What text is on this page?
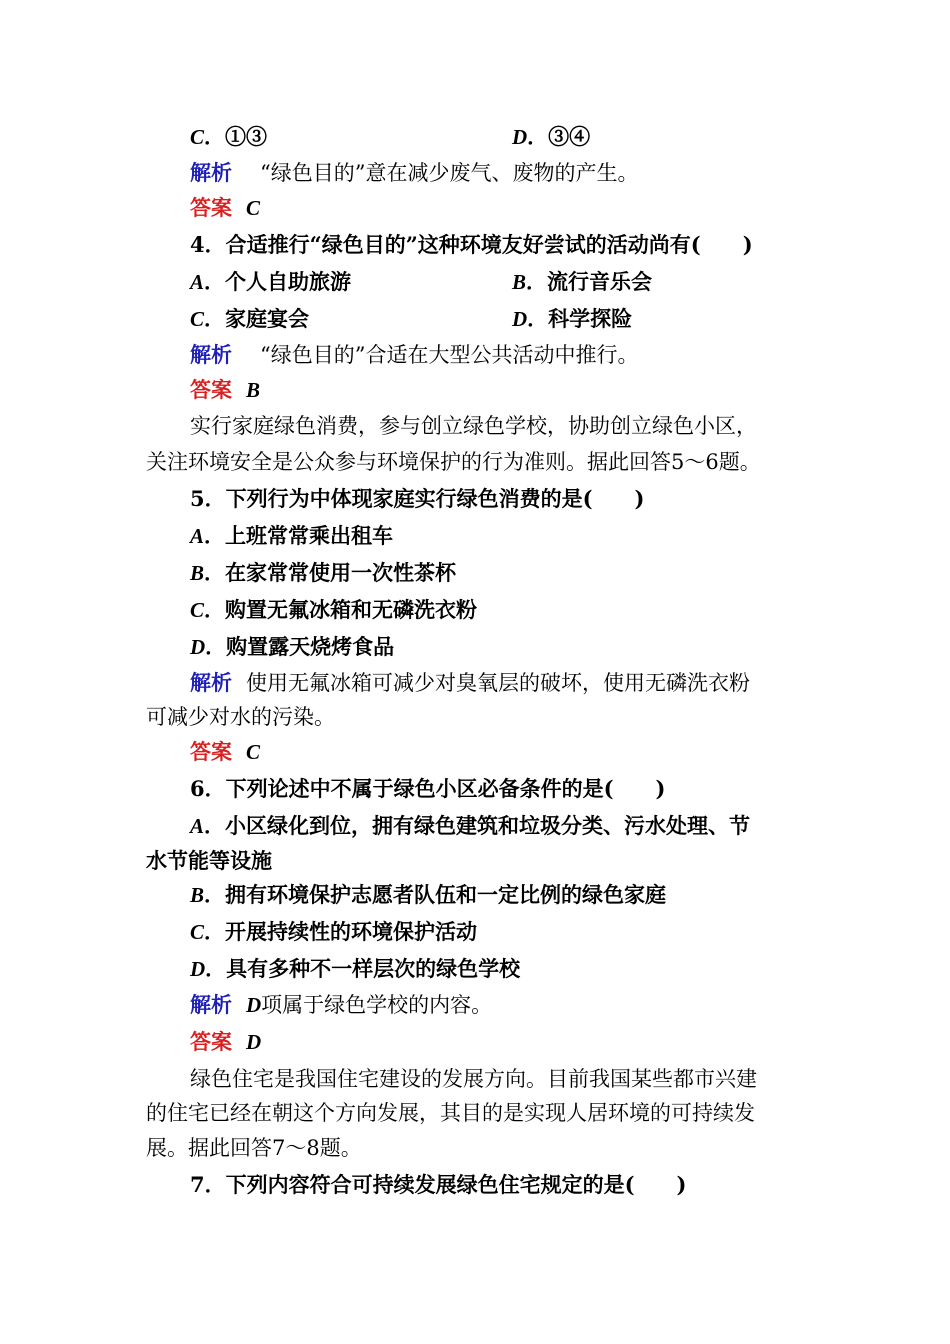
C．①③	D．③④
解析 “绿色目的”意在减少废气、废物的产生。
答案 C
4．合适推行“绿色目的”这种环境友好尝试的活动尚有(　　)
A．个人自助旅游	B．流行音乐会
C．家庭宴会	D．科学探险
解析 “绿色目的”合适在大型公共活动中推行。
答案 B
实行家庭绿色消费，参与创立绿色学校，协助创立绿色小区，
关注环境安全是公众参与环境保护的行为准则。据此回答5～6题。
5．下列行为中体现家庭实行绿色消费的是(　　)
A．上班常常乘出租车
B．在家常常使用一次性茶杯
C．购置无氟冰箱和无磷洗衣粉
D．购置露天烧烤食品
解析 使用无氟冰箱可减少对臭氧层的破坏，使用无磷洗衣粉
可减少对水的污染。
答案 C
6．下列论述中不属于绿色小区必备条件的是(　　)
A．小区绿化到位，拥有绿色建筑和垃圾分类、污水处理、节
水节能等设施
B．拥有环境保护志愿者队伍和一定比例的绿色家庭
C．开展持续性的环境保护活动
D．具有多种不一样层次的绿色学校
解析 D项属于绿色学校的内容。
答案 D
绿色住宅是我国住宅建设的发展方向。目前我国某些都市兴建
的住宅已经在朝这个方向发展，其目的是实现人居环境的可持续发
展。据此回答7～8题。
7．下列内容符合可持续发展绿色住宅规定的是(　　)
